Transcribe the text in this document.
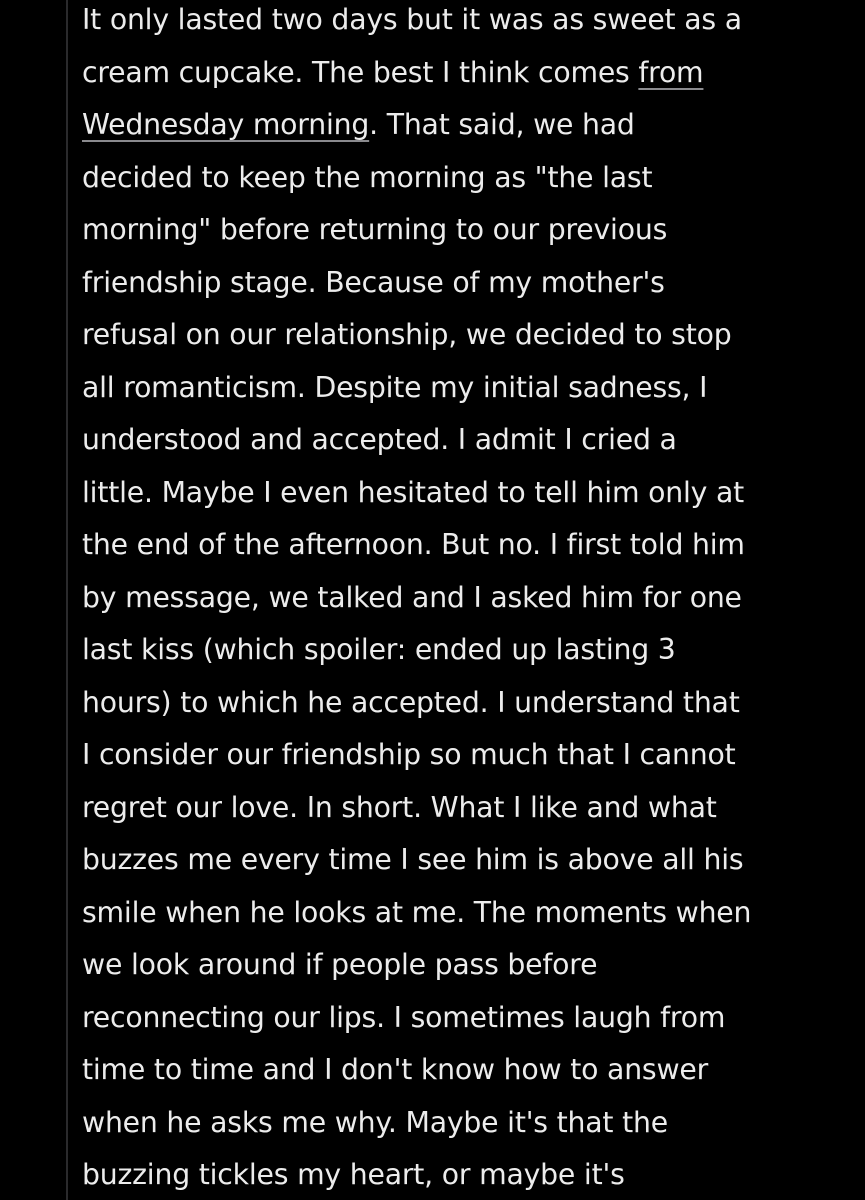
It only lasted two days but it was as sweet as a
cream cupcake. The best I think comes from
Wednesday morning. That said, we had
decided to keep the morning as "the last
morning" before returning to our previous
friendship stage. Because of my mother's
refusal on our relationship, we decided to stop
all romanticism. Despite my initial sadness, I
understood and accepted. I admit I cried a
little. Maybe I even hesitated to tell him only at
the end of the afternoon. But no. I first told him
by message, we talked and I asked him for one
last kiss (which spoiler: ended up lasting 3
hours) to which he accepted. I understand that
I consider our friendship so much that I cannot
regret our love. In short. What I like and what
buzzes me every time I see him is above all his
smile when he looks at me. The moments when
we look around if people pass before
reconnecting our lips. I sometimes laugh from
time to time and I don't know how to answer
when he asks me why. Maybe it's that the
buzzing tickles my heart, or maybe it's
